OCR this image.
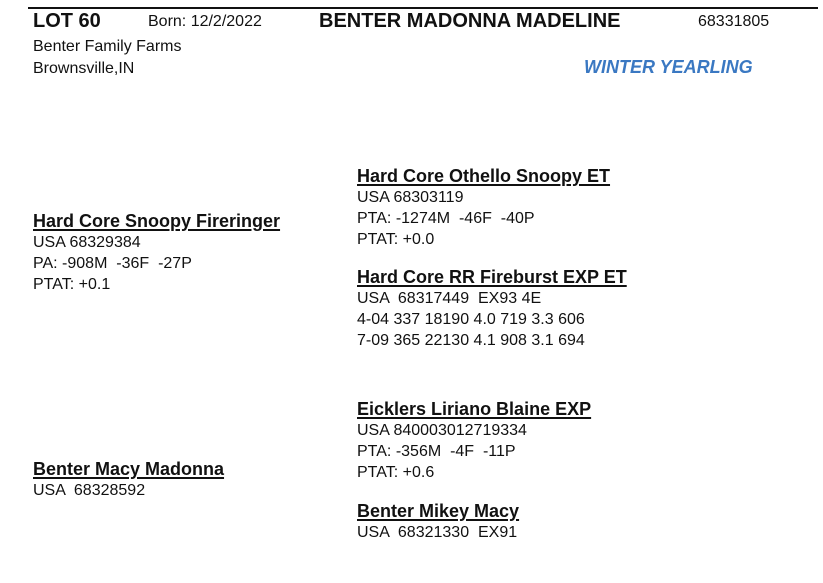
LOT 60	Born: 12/2/2022	BENTER MADONNA MADELINE	68331805
Benter Family Farms
Brownsville,IN	WINTER YEARLING
Hard Core Othello Snoopy ET
USA 68303119
PTA: -1274M  -46F  -40P
PTAT: +0.0
Hard Core Snoopy Fireringer
USA 68329384
PA: -908M  -36F  -27P
PTAT: +0.1	Hard Core RR Fireburst EXP ET
USA  68317449  EX93 4E
4-04 337 18190 4.0 719 3.3 606
7-09 365 22130 4.1 908 3.1 694
Eicklers Liriano Blaine EXP
USA 840003012719334
PTA: -356M  -4F  -11P
PTAT: +0.6
Benter Macy Madonna
USA  68328592
Benter Mikey Macy
USA  68321330  EX91
